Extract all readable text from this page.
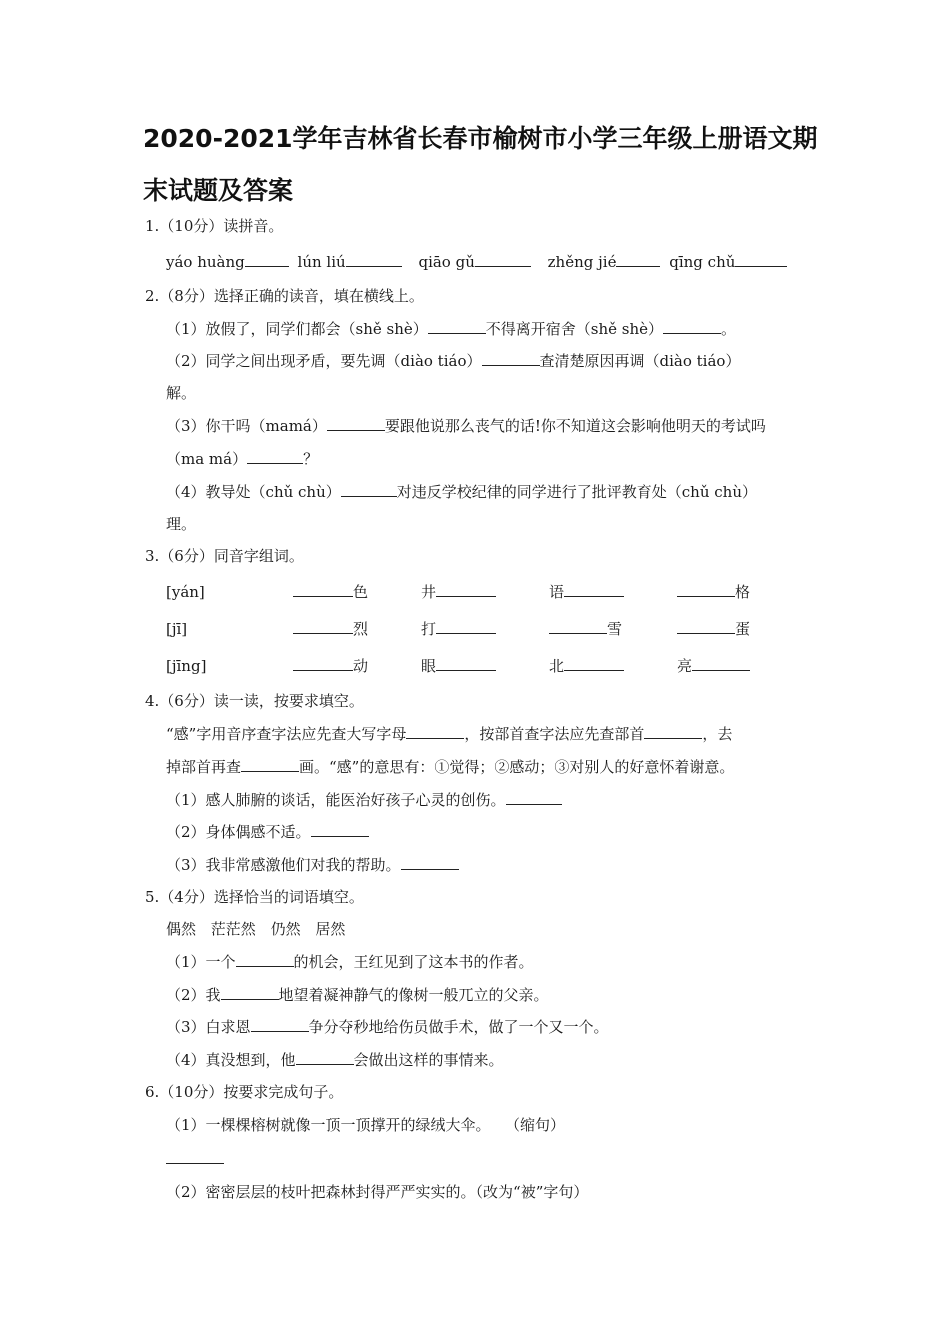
2020-2021学年吉林省长春市榆树市小学三年级上册语文期末试题及答案
1.（10分）读拼音。
yáo huàng	lún liú	qiāo gǔ	zhěng jié	qīng chǔ
2.（8分）选择正确的读音，填在横线上。
（1）放假了，同学们都会（shě shè）	不得离开宿舍（shě shè）	。
（2）同学之间出现矛盾，要先调（diào tiáo）	查清楚原因再调（diào tiáo）
解。
（3）你干吗（mamá）	要跟他说那么丧气的话!你不知道这会影响他明天的考试吗
（ma má）	？
（4）教导处（chǔ chù）	对违反学校纪律的同学进行了批评教育处（chǔ chù）
理。
3.（6分）同音字组词。
[yán]	色	井	语	格
[jī]	烈	打	雪	蛋
[jīng]	动	眼	北	亮
4.（6分）读一读，按要求填空。
“感”字用音序查字法应先查大写字母	，按部首查字法应先查部首	，去
掉部首再查	画。“感”的意思有：①觉得；②感动；③对别人的好意怀着谢意。
（1）感人肺腑的谈话，能医治好孩子心灵的创伤。
（2）身体偶感不适。
（3）我非常感激他们对我的帮助。
5.（4分）选择恰当的词语填空。
偶然 茫茫然 仍然 居然
（1）一个	的机会，王红见到了这本书的作者。
（2）我	地望着凝神静气的像树一般兀立的父亲。
（3）白求恩	争分夺秒地给伤员做手术，做了一个又一个。
（4）真没想到，他	会做出这样的事情来。
6.（10分）按要求完成句子。
（1）一棵棵榕树就像一顶一顶撑开的绿绒大伞。 （缩句）
（2）密密层层的枝叶把森林封得严严实实的。（改为“被”字句）
